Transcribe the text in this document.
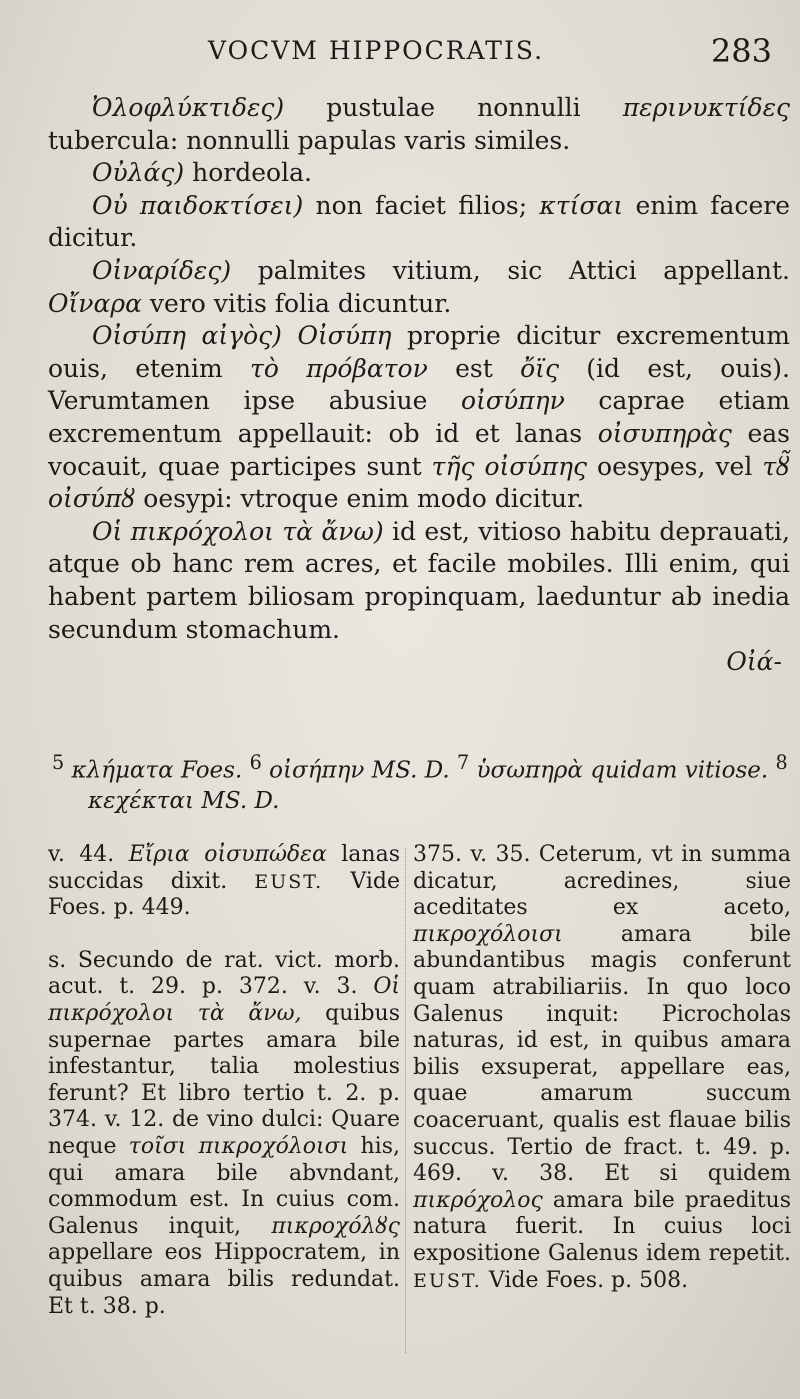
VOCVM HIPPOCRATIS.	283

Ὀλοφλύκτιδες) pustulae nonnulli περινυκτίδες tubercula: nonnulli papulas varis similes.

Οὐλάς) hordeola.

Οὐ παιδοκτίσει) non faciet filios; κτίσαι enim facere dicitur.

Οἰναρίδες) palmites vitium, sic Attici appellant. Οἴναρα vero vitis folia dicuntur.

Οἰσύπη αἰγὸς) Οἰσύπη proprie dicitur excrementum ouis, etenim τὸ πρόβατον est ὄϊς (id est, ouis). Verumtamen ipse abusiue οἰσύπην caprae etiam excrementum appellauit: ob id et lanas οἰσυπηρὰς eas vocauit, quae participes sunt τῆς οἰσύπης oesypes, vel τȣ̃ οἰσύπȣ oesypi: vtroque enim modo dicitur.

Οἱ πικρόχολοι τὰ ἄνω) id est, vitioso habitu deprauati, atque ob hanc rem acres, et facile mobiles. Illi enim, qui habent partem biliosam propinquam, laeduntur ab inedia secundum stomachum.

Οἰά-

$^5$ κλήματα Foes. $^6$ οἰσήπην MS. D. $^7$ ὑσωπηρὰ quidam vitiose. $^8$ κεχέκται MS. D.

v. 44. Εἴρια οἰσυπώδεα lanas succidas dixit. EUST. Vide Foes. p. 449.

s. Secundo de rat. vict. morb. acut. t. 29. p. 372. v. 3. Οἱ πικρόχολοι τὰ ἄνω, quibus supernae partes amara bile infestantur, talia molestius ferunt? Et libro tertio t. 2. p. 374. v. 12. de vino dulci: Quare neque τοῖσι πικροχόλοισι his, qui amara bile abvndant, commodum est. In cuius com. Galenus inquit, πικροχόλȣς appellare eos Hippocratem, in quibus amara bilis redundat. Et t. 38. p.

375. v. 35. Ceterum, vt in summa dicatur, acredines, siue aceditates ex aceto, πικροχόλοισι amara bile abundantibus magis conferunt quam atrabiliariis. In quo loco Galenus inquit: Picrocholas naturas, id est, in quibus amara bilis exsuperat, appellare eas, quae amarum succum coaceruant, qualis est flauae bilis succus. Tertio de fract. t. 49. p. 469. v. 38. Et si quidem πικρόχολος amara bile praeditus natura fuerit. In cuius loci expositione Galenus idem repetit. EUST. Vide Foes. p. 508.
